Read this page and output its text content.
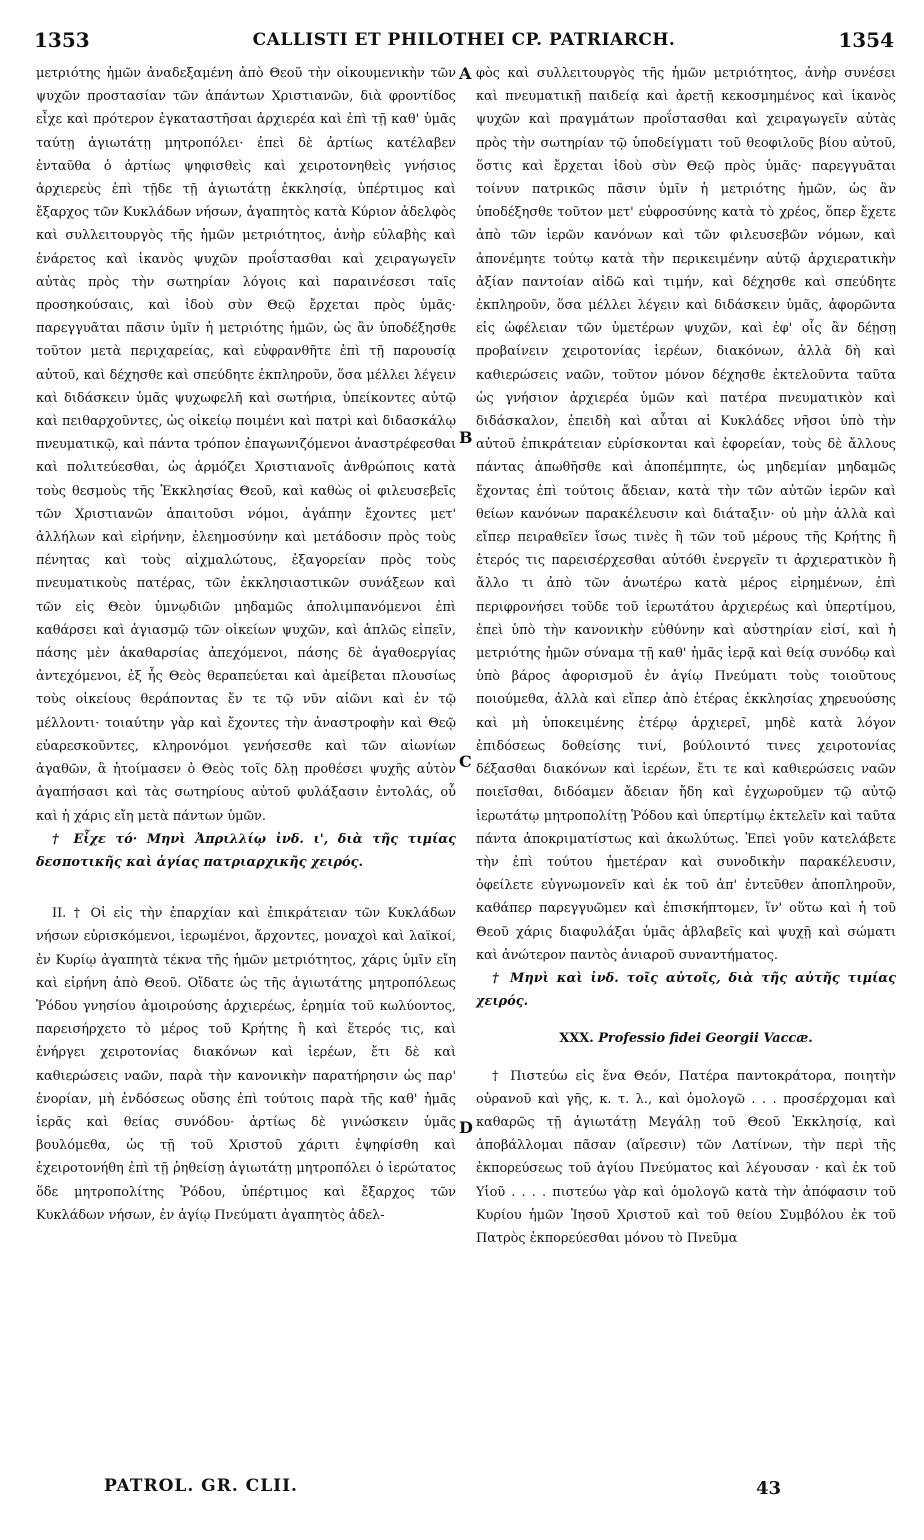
1353	CALLISTI ET PHILOTHEI CP. PATRIARCH.	1354

μετριότης ἡμῶν ἀναδεξαμένη ἀπὸ Θεοῦ τὴν οἰκουμενικὴν τῶν ψυχῶν προστασίαν τῶν ἁπάντων Χριστιανῶν, διὰ φροντίδος εἶχε καὶ πρότερον ἐγκαταστῆσαι ἀρχιερέα καὶ ἐπὶ τῇ καθ' ὑμᾶς ταύτῃ ἁγιωτάτῃ μητροπόλει· ἐπεὶ δὲ ἀρτίως κατέλαβεν ἐνταῦθα ὁ ἀρτίως ψηφισθεὶς καὶ χειροτονηθεὶς γνήσιος ἀρχιερεὺς ἐπὶ τῇδε τῇ ἁγιωτάτῃ ἐκκλησίᾳ, ὑπέρτιμος καὶ ἔξαρχος τῶν Κυκλάδων νήσων, ἀγαπητὸς κατὰ Κύριον ἀδελφὸς καὶ συλλειτουργὸς τῆς ἡμῶν μετριότητος, ἀνὴρ εὐλαβὴς καὶ ἐνάρετος καὶ ἱκανὸς ψυχῶν προΐστασθαι καὶ χειραγωγεῖν αὐτὰς πρὸς τὴν σωτηρίαν λόγοις καὶ παραινέσεσι ταῖς προσηκούσαις, καὶ ἰδοὺ σὺν Θεῷ ἔρχεται πρὸς ὑμᾶς· παρεγγυᾶται πᾶσιν ὑμῖν ἡ μετριότης ἡμῶν, ὡς ἂν ὑποδέξησθε τοῦτον μετὰ περιχαρείας, καὶ εὐφρανθῆτε ἐπὶ τῇ παρουσίᾳ αὐτοῦ, καὶ δέχησθε καὶ σπεύδητε ἐκπληροῦν, ὅσα μέλλει λέγειν καὶ διδάσκειν ὑμᾶς ψυχωφελῆ καὶ σωτήρια, ὑπείκοντες αὐτῷ καὶ πειθαρχοῦντες, ὡς οἰκείῳ ποιμένι καὶ πατρὶ καὶ διδασκάλῳ πνευματικῷ, καὶ πάντα τρόπον ἐπαγωνιζόμενοι ἀναστρέφεσθαι καὶ πολιτεύεσθαι, ὡς ἁρμόζει Χριστιανοῖς ἀνθρώποις κατὰ τοὺς θεσμοὺς τῆς Ἐκκλησίας Θεοῦ, καὶ καθὼς οἱ φιλευσεβεῖς τῶν Χριστιανῶν ἀπαιτοῦσι νόμοι, ἀγάπην ἔχοντες μετ' ἀλλήλων καὶ εἰρήνην, ἐλεημοσύνην καὶ μετάδοσιν πρὸς τοὺς πένητας καὶ τοὺς αἰχμαλώτους, ἐξαγορείαν πρὸς τοὺς πνευματικοὺς πατέρας, τῶν ἐκκλησιαστικῶν συνάξεων καὶ τῶν εἰς Θεὸν ὑμνῳδιῶν μηδαμῶς ἀπολιμπανόμενοι ἐπὶ καθάρσει καὶ ἁγιασμῷ τῶν οἰκείων ψυχῶν, καὶ ἁπλῶς εἰπεῖν, πάσης μὲν ἀκαθαρσίας ἀπεχόμενοι, πάσης δὲ ἀγαθοεργίας ἀντεχόμενοι, ἐξ ἧς Θεὸς θεραπεύεται καὶ ἀμείβεται πλουσίως τοὺς οἰκείους θεράποντας ἔν τε τῷ νῦν αἰῶνι καὶ ἐν τῷ μέλλοντι· τοιαύτην γὰρ καὶ ἔχοντες τὴν ἀναστροφὴν καὶ Θεῷ εὐαρεσκοῦντες, κληρονόμοι γενήσεσθε καὶ τῶν αἰωνίων ἀγαθῶν, ἃ ἡτοίμασεν ὁ Θεὸς τοῖς δλῃ προθέσει ψυχῆς αὐτὸν ἀγαπήσασι καὶ τὰς σωτηρίους αὐτοῦ φυλάξασιν ἐντολάς, οὗ καὶ ἡ χάρις εἴη μετὰ πάντων ὑμῶν.

† Εἶχε τό· Μηνὶ Ἀπριλλίῳ ἰνδ. ι', διὰ τῆς τιμίας δεσποτικῆς καὶ ἁγίας πατριαρχικῆς χειρός.

II. † Οἱ εἰς τὴν ἐπαρχίαν καὶ ἐπικράτειαν τῶν Κυκλάδων νήσων εὑρισκόμενοι, ἱερωμένοι, ἄρχοντες, μοναχοὶ καὶ λαϊκοί, ἐν Κυρίῳ ἀγαπητὰ τέκνα τῆς ἡμῶν μετριότητος, χάρις ὑμῖν εἴη καὶ εἰρήνη ἀπὸ Θεοῦ. Οἴδατε ὡς τῆς ἁγιωτάτης μητροπόλεως Ῥόδου γνησίου ἀμοιρούσης ἀρχιερέως, ἐρημία τοῦ κωλύοντος, παρεισήρχετο τὸ μέρος τοῦ Κρήτης ἢ καὶ ἕτερός τις, καὶ ἐνήργει χειροτονίας διακόνων καὶ ἱερέων, ἔτι δὲ καὶ καθιερώσεις ναῶν, παρὰ τὴν κανονικὴν παρατήρησιν ὡς παρ' ἐνορίαν, μὴ ἐνδόσεως οὔσης ἐπὶ τούτοις παρὰ τῆς καθ' ἡμᾶς ἱερᾶς καὶ θείας συνόδου· ἀρτίως δὲ γινώσκειν ὑμᾶς βουλόμεθα, ὡς τῇ τοῦ Χριστοῦ χάριτι ἐψηφίσθη καὶ ἐχειροτονήθη ἐπὶ τῇ ῥηθείσῃ ἁγιωτάτῃ μητροπόλει ὁ ἱερώτατος ὅδε μητροπολίτης Ῥόδου, ὑπέρτιμος καὶ ἔξαρχος τῶν Κυκλάδων νήσων, ἐν ἁγίῳ Πνεύματι ἀγαπητὸς ἀδελ-

φὸς καὶ συλλειτουργὸς τῆς ἡμῶν μετριότητος, ἀνὴρ συνέσει καὶ πνευματικῇ παιδείᾳ καὶ ἀρετῇ κεκοσμημένος καὶ ἱκανὸς ψυχῶν καὶ πραγμάτων προΐστασθαι καὶ χειραγωγεῖν αὐτὰς πρὸς τὴν σωτηρίαν τῷ ὑποδείγματι τοῦ θεοφιλοῦς βίου αὐτοῦ, ὅστις καὶ ἔρχεται ἰδοὺ σὺν Θεῷ πρὸς ὑμᾶς· παρεγγυᾶται τοίνυν πατρικῶς πᾶσιν ὑμῖν ἡ μετριότης ἡμῶν, ὡς ἂν ὑποδέξησθε τοῦτον μετ' εὐφροσύνης κατὰ τὸ χρέος, ὅπερ ἔχετε ἀπὸ τῶν ἱερῶν κανόνων καὶ τῶν φιλευσεβῶν νόμων, καὶ ἀπονέμητε τούτῳ κατὰ τὴν περικειμένην αὐτῷ ἀρχιερατικὴν ἀξίαν παντοίαν αἰδῶ καὶ τιμήν, καὶ δέχησθε καὶ σπεύδητε ἐκπληροῦν, ὅσα μέλλει λέγειν καὶ διδάσκειν ὑμᾶς, ἀφορῶντα εἰς ὠφέλειαν τῶν ὑμετέρων ψυχῶν, καὶ ἐφ' οἷς ἂν δέῃσῃ προβαίνειν χειροτονίας ἱερέων, διακόνων, ἀλλὰ δὴ καὶ καθιερώσεις ναῶν, τοῦτον μόνον δέχησθε ἐκτελοῦντα ταῦτα ὡς γνήσιον ἀρχιερέα ὑμῶν καὶ πατέρα πνευματικὸν καὶ διδάσκαλον, ἐπειδὴ καὶ αὗται αἱ Κυκλάδες νῆσοι ὑπὸ τὴν αὐτοῦ ἐπικράτειαν εὑρίσκονται καὶ ἐφορείαν, τοὺς δὲ ἄλλους πάντας ἀπωθῆσθε καὶ ἀποπέμπητε, ὡς μηδεμίαν μηδαμῶς ἔχοντας ἐπὶ τούτοις ἄδειαν, κατὰ τὴν τῶν αὐτῶν ἱερῶν καὶ θείων κανόνων παρακέλευσιν καὶ διάταξιν· οὐ μὴν ἀλλὰ καὶ εἴπερ πειραθεῖεν ἴσως τινὲς ἢ τῶν τοῦ μέρους τῆς Κρήτης ἢ ἑτερός τις παρεισέρχεσθαι αὐτόθι ἐνεργεῖν τι ἀρχιερατικὸν ἢ ἄλλο τι ἀπὸ τῶν ἀνωτέρω κατὰ μέρος εἰρημένων, ἐπὶ περιφρονήσει τοῦδε τοῦ ἱερωτάτου ἀρχιερέως καὶ ὑπερτίμου, ἐπεὶ ὑπὸ τὴν κανονικὴν εὐθύνην καὶ αὐστηρίαν εἰσί, καὶ ἡ μετριότης ἡμῶν σύναμα τῇ καθ' ἡμᾶς ἱερᾷ καὶ θείᾳ συνόδῳ καὶ ὑπὸ βάρος ἀφορισμοῦ ἐν ἁγίῳ Πνεύματι τοὺς τοιοῦτους ποιούμεθα, ἀλλὰ καὶ εἴπερ ἀπὸ ἑτέρας ἐκκλησίας χηρευούσης καὶ μὴ ὑποκειμένης ἑτέρῳ ἀρχιερεῖ, μηδὲ κατὰ λόγον ἐπιδόσεως δοθείσης τινί, βούλοιντό τινες χειροτονίας δέξασθαι διακόνων καὶ ἱερέων, ἔτι τε καὶ καθιερώσεις ναῶν ποιεῖσθαι, διδόαμεν ἄδειαν ἤδη καὶ ἐγχωροῦμεν τῷ αὐτῷ ἱερωτάτῳ μητροπολίτῃ Ῥόδου καὶ ὑπερτίμῳ ἐκτελεῖν καὶ ταῦτα πάντα ἀποκριματίστως καὶ ἀκωλύτως. Ἐπεὶ γοῦν κατελάβετε τὴν ἐπὶ τούτου ἡμετέραν καὶ συνοδικὴν παρακέλευσιν, ὀφείλετε εὐγνωμονεῖν καὶ ἐκ τοῦ ἀπ' ἐντεῦθεν ἀποπληροῦν, καθάπερ παρεγγυῶμεν καὶ ἐπισκήπτομεν, ἵν' οὕτω καὶ ἡ τοῦ Θεοῦ χάρις διαφυλάξαι ὑμᾶς ἀβλαβεῖς καὶ ψυχῇ καὶ σώματι καὶ ἀνώτερον παντὸς ἀνιαροῦ συναντήματος.

† Μηνὶ καὶ ἰνδ. τοῖς αὐτοῖς, διὰ τῆς αὐτῆς τιμίας χειρός.

XXX. Professio fidei Georgii Vaccæ.

† Πιστεύω εἰς ἕνα Θεόν, Πατέρα παντοκράτορα, ποιητὴν οὐρανοῦ καὶ γῆς, κ. τ. λ., καὶ ὁμολογῶ . . . προσέρχομαι καὶ καθαρῶς τῇ ἁγιωτάτῃ Μεγάλῃ τοῦ Θεοῦ Ἐκκλησίᾳ, καὶ ἀποβάλλομαι πᾶσαν (αἵρεσιν) τῶν Λατίνων, τὴν περὶ τῆς ἐκπορεύσεως τοῦ ἁγίου Πνεύματος καὶ λέγουσαν · καὶ ἐκ τοῦ Υἱοῦ . . . . πιστεύω γὰρ καὶ ὁμολογῶ κατὰ τὴν ἀπόφασιν τοῦ Κυρίου ἡμῶν Ἰησοῦ Χριστοῦ καὶ τοῦ θείου Συμβόλου ἐκ τοῦ Πατρὸς ἐκπορεύεσθαι μόνου τὸ Πνεῦμα

A
B
C
D
PATROL. GR. CLII.	43
